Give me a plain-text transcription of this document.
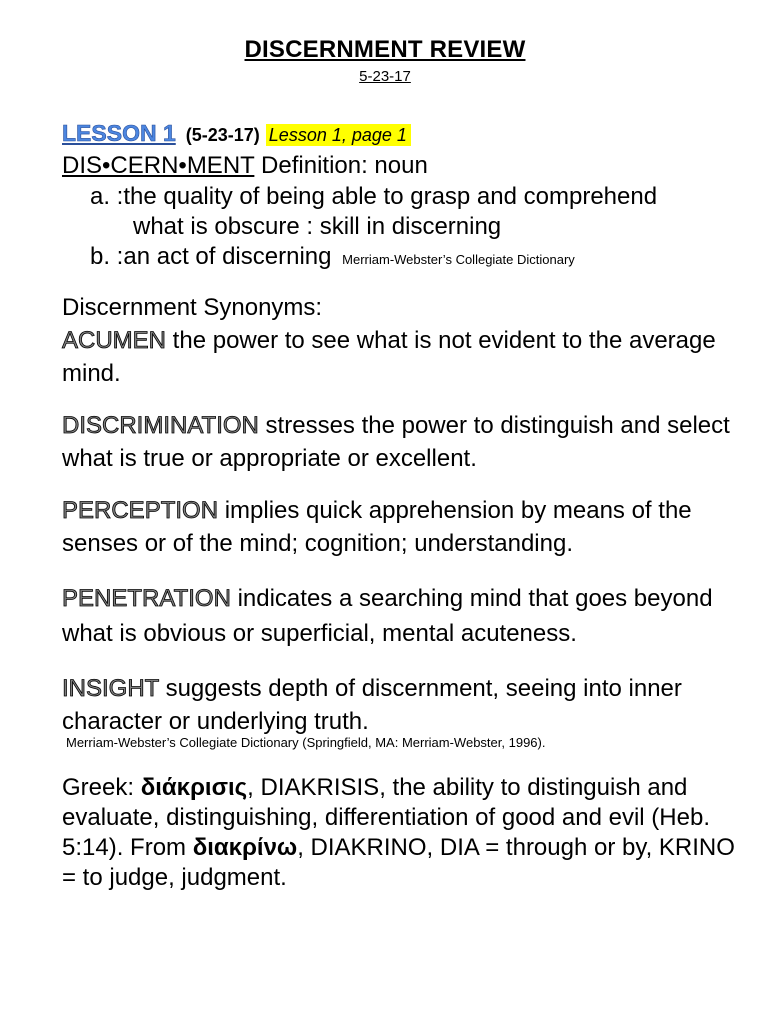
DISCERNMENT REVIEW
5-23-17
LESSON 1 (5-23-17) Lesson 1, page 1
DIS•CERN•MENT Definition: noun
a. :the quality of being able to grasp and comprehend
what is obscure : skill in discerning
b. :an act of discerning Merriam-Webster’s Collegiate Dictionary
Discernment Synonyms:
ACUMEN the power to see what is not evident to the average mind.
DISCRIMINATION stresses the power to distinguish and select what is true or appropriate or excellent.
PERCEPTION implies quick apprehension by means of the senses or of the mind; cognition; understanding.
PENETRATION indicates a searching mind that goes beyond what is obvious or superficial, mental acuteness.
INSIGHT suggests depth of discernment, seeing into inner character or underlying truth.
Merriam-Webster’s Collegiate Dictionary (Springfield, MA: Merriam-Webster, 1996).
Greek: διάκρισις, DIAKRISIS, the ability to distinguish and evaluate, distinguishing, differentiation of good and evil (Heb. 5:14). From διακρίνω, DIAKRINO, DIA = through or by, KRINO = to judge, judgment.
